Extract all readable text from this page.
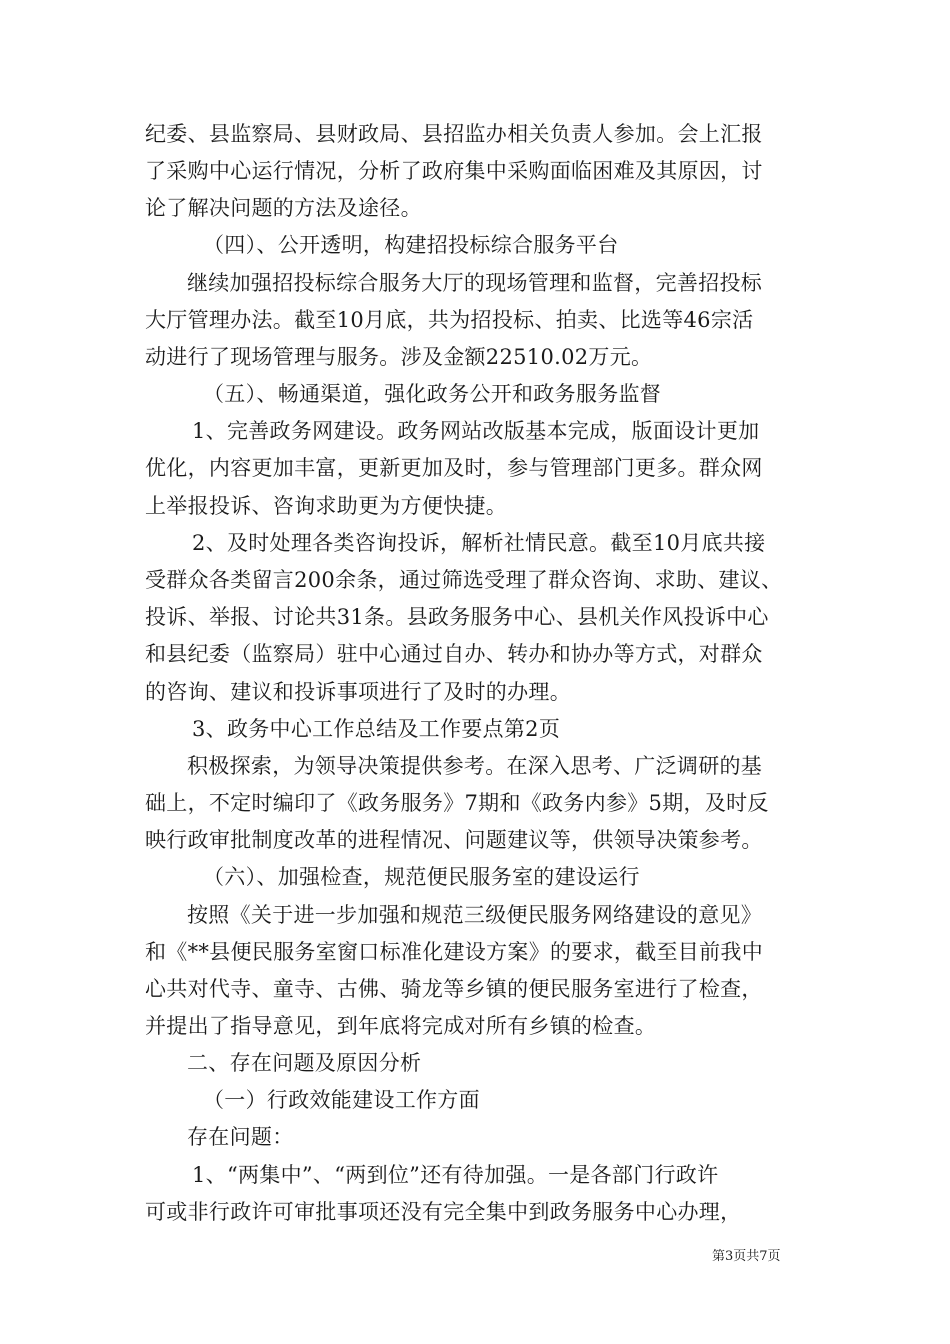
纪委、县监察局、县财政局、县招监办相关负责人参加。会上汇报
了采购中心运行情况，分析了政府集中采购面临困难及其原因，讨
论了解决问题的方法及途径。
（四）、公开透明，构建招投标综合服务平台
继续加强招投标综合服务大厅的现场管理和监督，完善招投标
大厅管理办法。截至10月底，共为招投标、拍卖、比选等46宗活
动进行了现场管理与服务。涉及金额22510.02万元。
（五）、畅通渠道，强化政务公开和政务服务监督
1、完善政务网建设。政务网站改版基本完成，版面设计更加
优化，内容更加丰富，更新更加及时，参与管理部门更多。群众网
上举报投诉、咨询求助更为方便快捷。
2、及时处理各类咨询投诉，解析社情民意。截至10月底共接
受群众各类留言200余条，通过筛选受理了群众咨询、求助、建议、
投诉、举报、讨论共31条。县政务服务中心、县机关作风投诉中心
和县纪委（监察局）驻中心通过自办、转办和协办等方式，对群众
的咨询、建议和投诉事项进行了及时的办理。
3、政务中心工作总结及工作要点第2页
积极探索，为领导决策提供参考。在深入思考、广泛调研的基
础上，不定时编印了《政务服务》7期和《政务内参》5期，及时反
映行政审批制度改革的进程情况、问题建议等，供领导决策参考。
（六）、加强检查，规范便民服务室的建设运行
按照《关于进一步加强和规范三级便民服务网络建设的意见》
和《**县便民服务室窗口标准化建设方案》的要求，截至目前我中
心共对代寺、童寺、古佛、骑龙等乡镇的便民服务室进行了检查，
并提出了指导意见，到年底将完成对所有乡镇的检查。
二、存在问题及原因分析
（一）行政效能建设工作方面
存在问题：
1、“两集中”、“两到位”还有待加强。一是各部门行政许
可或非行政许可审批事项还没有完全集中到政务服务中心办理，
第3页共7页
